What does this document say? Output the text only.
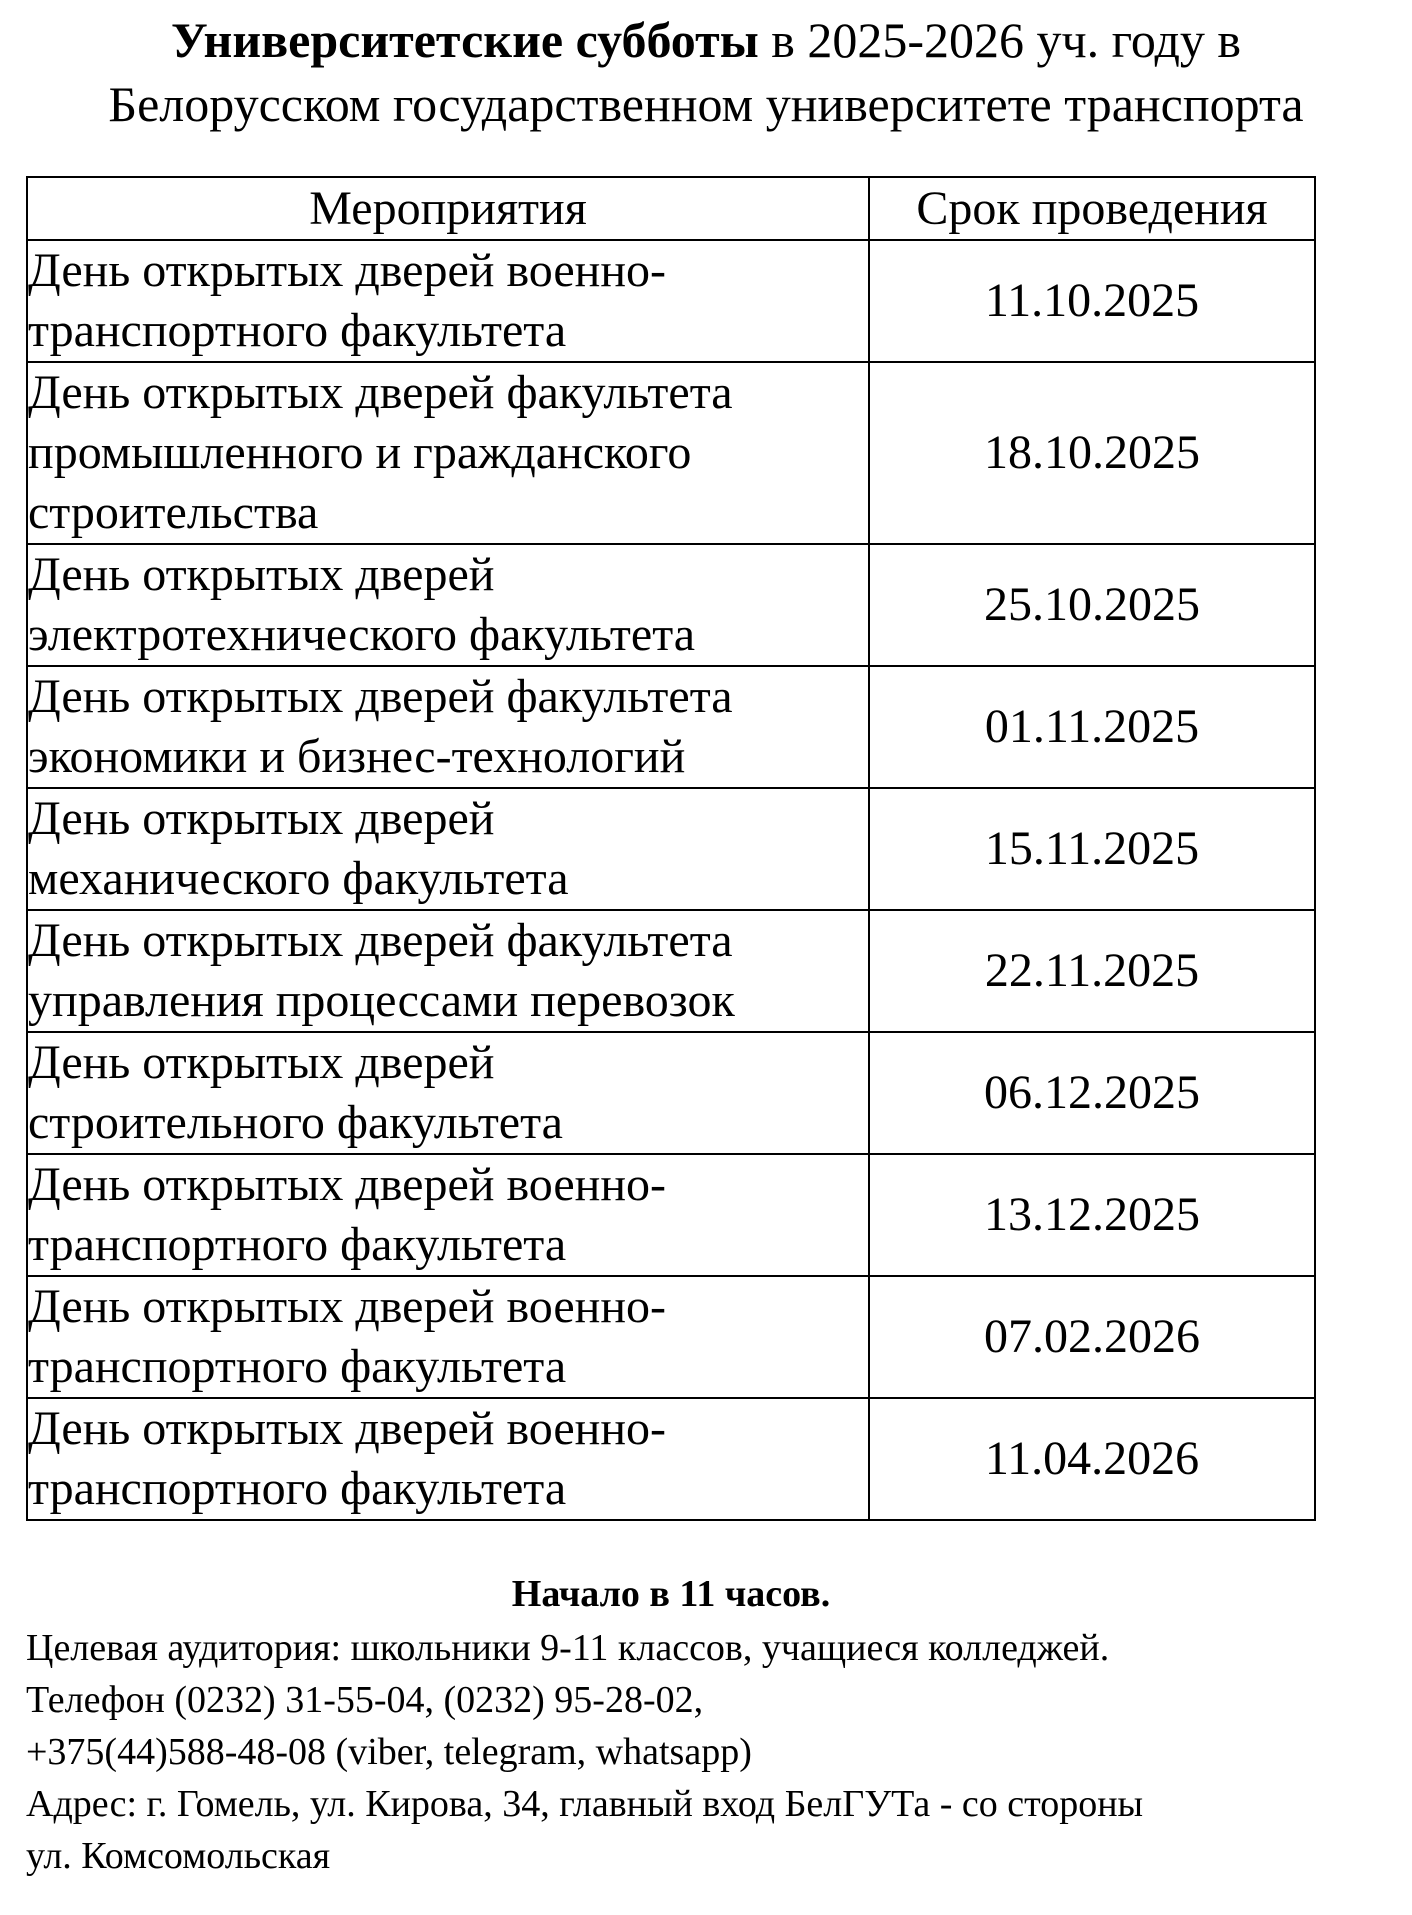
Университетские субботы в 2025-2026 уч. году в
Белорусском государственном университете транспорта
Мероприятия	Срок проведения

День открытых дверей военно-
транспортного факультета	11.10.2025

День открытых дверей факультета
промышленного и гражданского
строительства	18.10.2025

День открытых дверей
электротехнического факультета	25.10.2025

День открытых дверей факультета
экономики и бизнес-технологий	01.11.2025

День открытых дверей
механического факультета	15.11.2025

День открытых дверей факультета
управления процессами перевозок	22.11.2025

День открытых дверей
строительного факультета	06.12.2025

День открытых дверей военно-
транспортного факультета	13.12.2025

День открытых дверей военно-
транспортного факультета	07.02.2026

День открытых дверей военно-
транспортного факультета	11.04.2026
Начало в 11 часов.
Целевая аудитория: школьники 9-11 классов, учащиеся колледжей.
Телефон (0232) 31-55-04, (0232) 95-28-02,
+375(44)588-48-08 (viber, telegram, whatsapp)
Адрес: г. Гомель, ул. Кирова, 34, главный вход БелГУТа - со стороны
ул. Комсомольская
